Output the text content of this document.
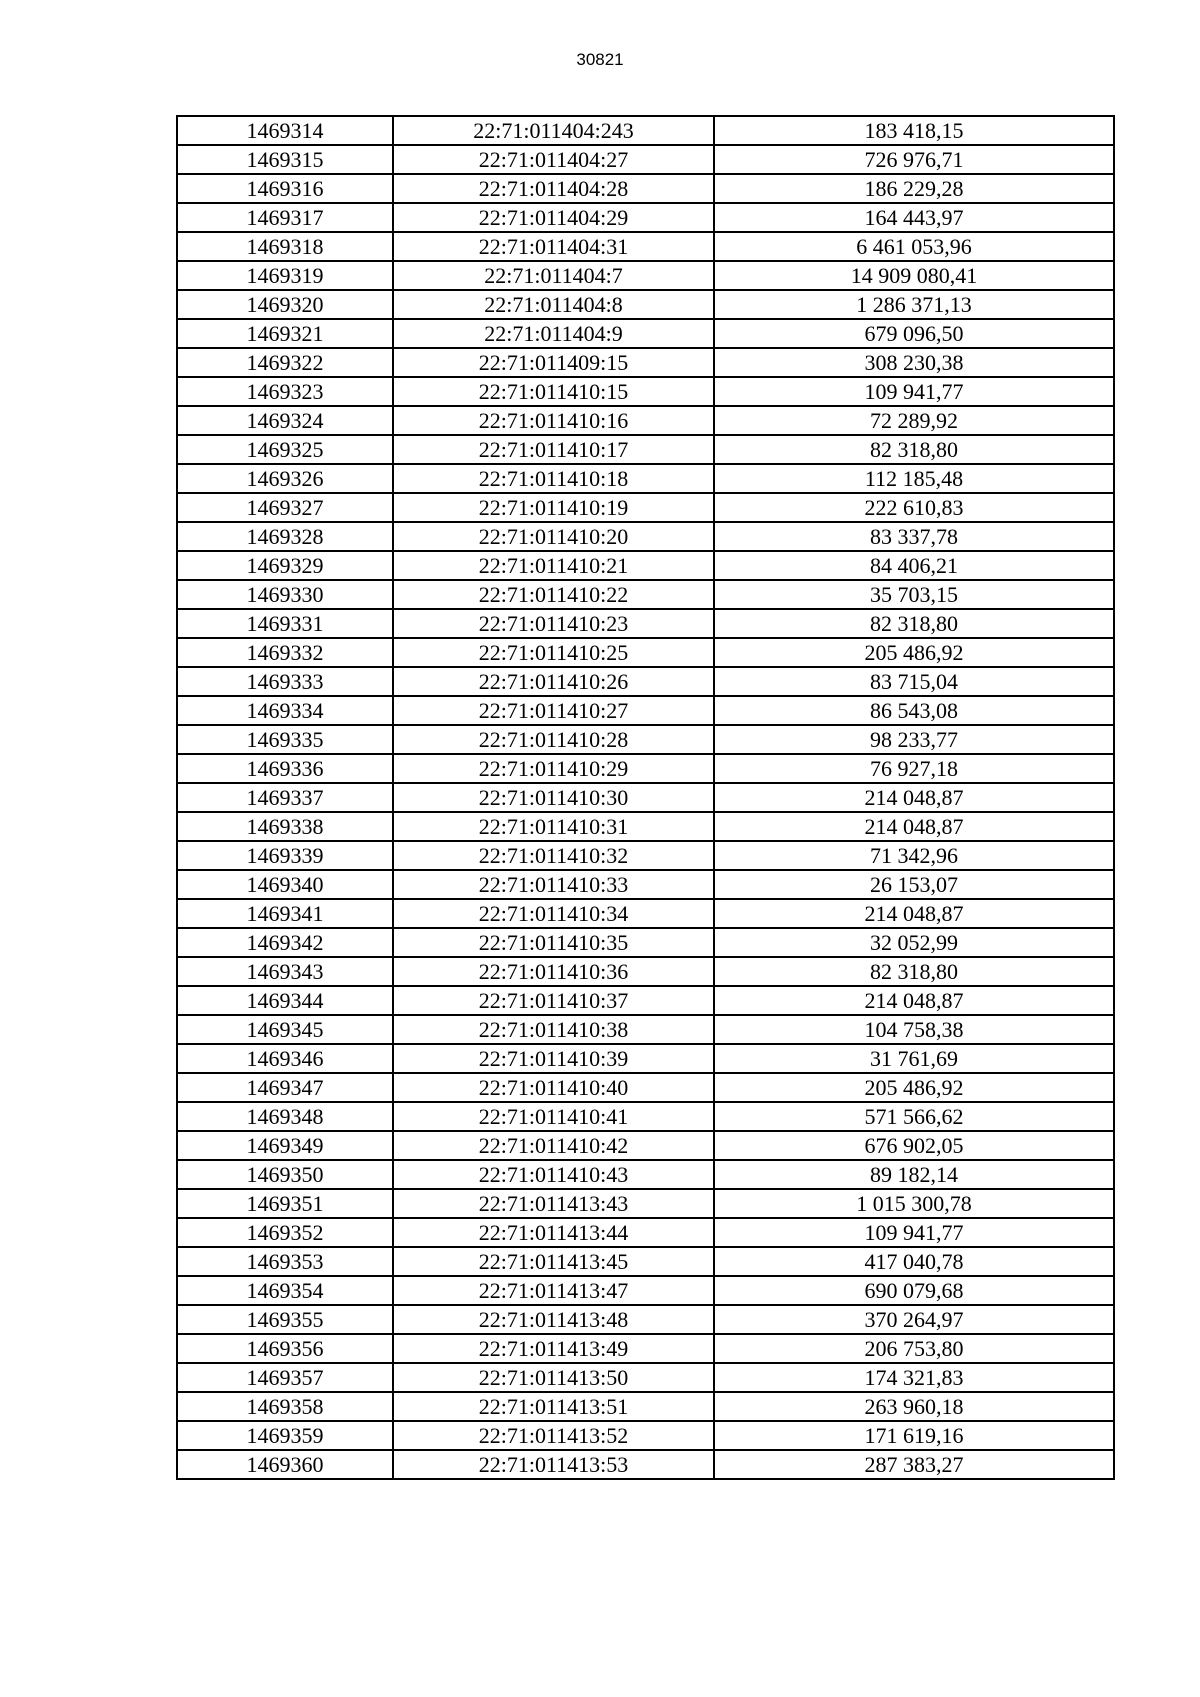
30821
1469314	22:71:011404:243	183 418,15
1469315	22:71:011404:27	726 976,71
1469316	22:71:011404:28	186 229,28
1469317	22:71:011404:29	164 443,97
1469318	22:71:011404:31	6 461 053,96
1469319	22:71:011404:7	14 909 080,41
1469320	22:71:011404:8	1 286 371,13
1469321	22:71:011404:9	679 096,50
1469322	22:71:011409:15	308 230,38
1469323	22:71:011410:15	109 941,77
1469324	22:71:011410:16	72 289,92
1469325	22:71:011410:17	82 318,80
1469326	22:71:011410:18	112 185,48
1469327	22:71:011410:19	222 610,83
1469328	22:71:011410:20	83 337,78
1469329	22:71:011410:21	84 406,21
1469330	22:71:011410:22	35 703,15
1469331	22:71:011410:23	82 318,80
1469332	22:71:011410:25	205 486,92
1469333	22:71:011410:26	83 715,04
1469334	22:71:011410:27	86 543,08
1469335	22:71:011410:28	98 233,77
1469336	22:71:011410:29	76 927,18
1469337	22:71:011410:30	214 048,87
1469338	22:71:011410:31	214 048,87
1469339	22:71:011410:32	71 342,96
1469340	22:71:011410:33	26 153,07
1469341	22:71:011410:34	214 048,87
1469342	22:71:011410:35	32 052,99
1469343	22:71:011410:36	82 318,80
1469344	22:71:011410:37	214 048,87
1469345	22:71:011410:38	104 758,38
1469346	22:71:011410:39	31 761,69
1469347	22:71:011410:40	205 486,92
1469348	22:71:011410:41	571 566,62
1469349	22:71:011410:42	676 902,05
1469350	22:71:011410:43	89 182,14
1469351	22:71:011413:43	1 015 300,78
1469352	22:71:011413:44	109 941,77
1469353	22:71:011413:45	417 040,78
1469354	22:71:011413:47	690 079,68
1469355	22:71:011413:48	370 264,97
1469356	22:71:011413:49	206 753,80
1469357	22:71:011413:50	174 321,83
1469358	22:71:011413:51	263 960,18
1469359	22:71:011413:52	171 619,16
1469360	22:71:011413:53	287 383,27
